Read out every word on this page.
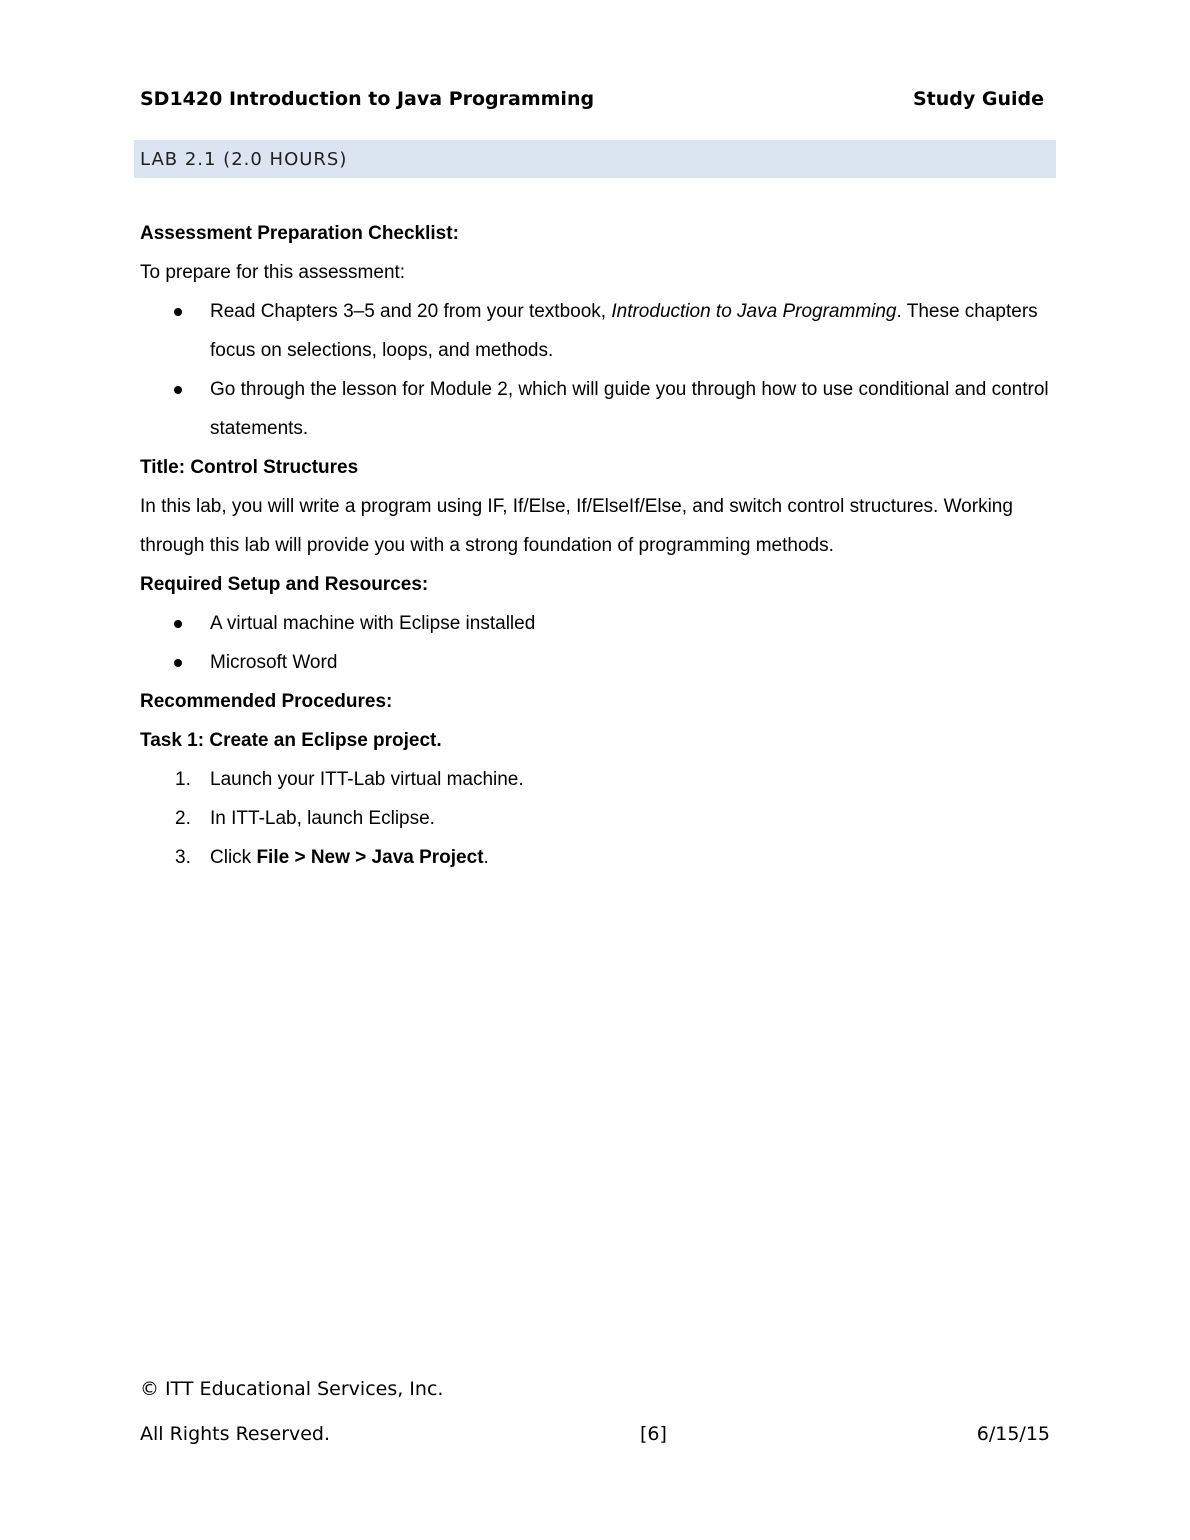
SD1420 Introduction to Java Programming	Study Guide
LAB 2.1 (2.0 HOURS)

Assessment Preparation Checklist:

To prepare for this assessment:

Read Chapters 3–5 and 20 from your textbook, Introduction to Java Programming. These chapters focus on selections, loops, and methods.
Go through the lesson for Module 2, which will guide you through how to use conditional and control statements.

Title: Control Structures

In this lab, you will write a program using IF, If/Else, If/ElseIf/Else, and switch control structures. Working through this lab will provide you with a strong foundation of programming methods.

Required Setup and Resources:

A virtual machine with Eclipse installed
Microsoft Word

Recommended Procedures:

Task 1: Create an Eclipse project.

1. Launch your ITT-Lab virtual machine.
2. In ITT-Lab, launch Eclipse.
3. Click File > New > Java Project.
© ITT Educational Services, Inc.
All Rights Reserved.	[6]	6/15/15
